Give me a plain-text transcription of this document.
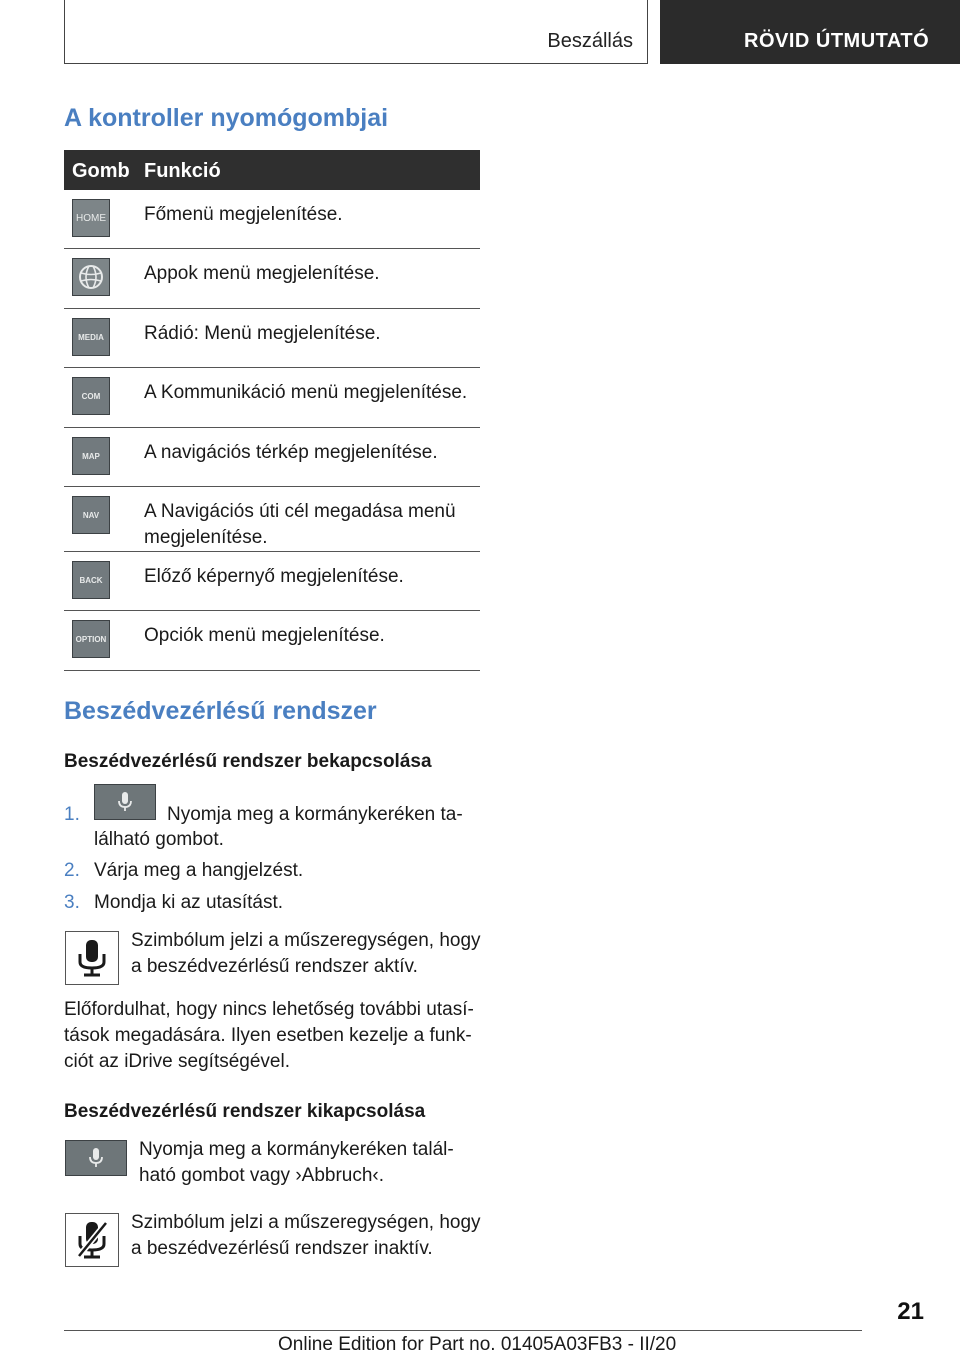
Beszállás	RÖVID ÚTMUTATÓ
A kontroller nyomógombjai
Gomb Funkció
HOME Főmenü megjelenítése.
Appok menü megjelenítése.
MEDIA	Rádió: Menü megjelenítése.
COM	A Kommunikáció menü megjelenítése.
MAP	A navigációs térkép megjelenítése.
NAV	A Navigációs úti cél megadása menü megjelenítése.
BACK	Előző képernyő megjelenítése.
OPTION Opciók menü megjelenítése.
Beszédvezérlésű rendszer
Beszédvezérlésű rendszer bekapcsolása
1.	Nyomja meg a kormánykeréken ta-
lálható gombot.
2. Várja meg a hangjelzést.
3. Mondja ki az utasítást.
Szimbólum jelzi a műszeregységen, hogy
a beszédvezérlésű rendszer aktív.
Előfordulhat, hogy nincs lehetőség további utasí-
tások megadására. Ilyen esetben kezelje a funk-
ciót az iDrive segítségével.
Beszédvezérlésű rendszer kikapcsolása
Nyomja meg a kormánykeréken talál-
ható gombot vagy ›Abbruch‹.
Szimbólum jelzi a műszeregységen, hogy
a beszédvezérlésű rendszer inaktív.
21
Online Edition for Part no. 01405A03FB3 - II/20
